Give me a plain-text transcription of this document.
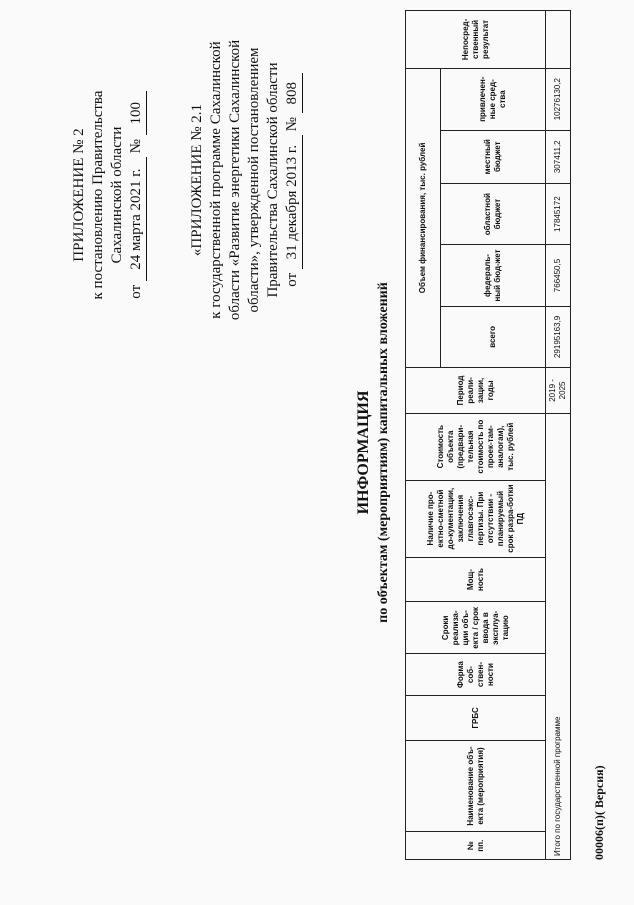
ПРИЛОЖЕНИЕ № 2 к постановлению Правительства Сахалинской области
от 24 марта 2021 г. № 100	«ПРИЛОЖЕНИЕ № 2.1 к государственной программе Сахалинской области «Развитие энергетики Сахалинской области», утвержденной постановлением Правительства Сахалинской области от 31 декабря 2013 г. № 808
ИНФОРМАЦИЯ по объектам (мероприятиям) капитальных вложений
№ пп.	Наименование объ-екта (мероприятия)	ГРБС	Форма соб-ствен-ности	Сроки реализа-ции объ-екта / срок ввода в эксплуа-тацию	Мощ-ность	Наличие про-ектно-сметной до-кументации, заключения главгосэкс-пертизы. При отсутствии - планируемый срок разра-ботки ПД	Стоимость объекта (предвари-тельная стоимость по проек-там-аналогам), тыс. рублей	Период реали-зации, годы	Объем финансирования, тыс. рублей					Непосред-ственный результат
									всего	федераль-ный бюд-жет	областной бюджет	местный бюджет	привлечен-ные сред-ства	
Итого по государственной программе								2019 - 2025	29195163,9	766450,5	17845172	307411,2	10276130,2	
00006(п)( Версия)
